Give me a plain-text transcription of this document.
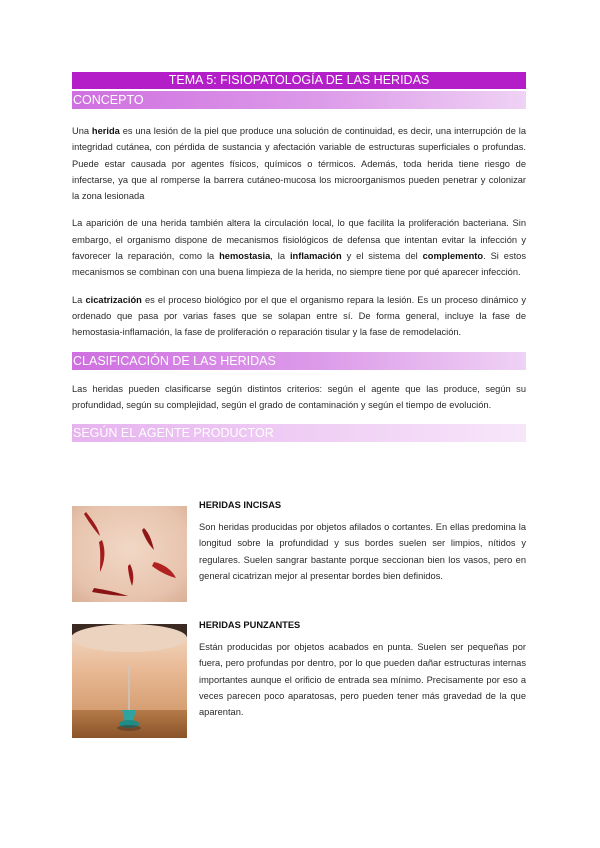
TEMA 5: FISIOPATOLOGÍA DE LAS HERIDAS
CONCEPTO

Una herida es una lesión de la piel que produce una solución de continuidad, es decir, una interrupción de la integridad cutánea, con pérdida de sustancia y afectación variable de estructuras superficiales o profundas. Puede estar causada por agentes físicos, químicos o térmicos. Además, toda herida tiene riesgo de infectarse, ya que al romperse la barrera cutáneo-mucosa los microorganismos pueden penetrar y colonizar la zona lesionada

La aparición de una herida también altera la circulación local, lo que facilita la proliferación bacteriana. Sin embargo, el organismo dispone de mecanismos fisiológicos de defensa que intentan evitar la infección y favorecer la reparación, como la hemostasia, la inflamación y el sistema del complemento. Si estos mecanismos se combinan con una buena limpieza de la herida, no siempre tiene por qué aparecer infección.

La cicatrización es el proceso biológico por el que el organismo repara la lesión. Es un proceso dinámico y ordenado que pasa por varias fases que se solapan entre sí. De forma general, incluye la fase de hemostasia-inflamación, la fase de proliferación o reparación tisular y la fase de remodelación.

CLASIFICACIÓN DE LAS HERIDAS

Las heridas pueden clasificarse según distintos criterios: según el agente que las produce, según su profundidad, según su complejidad, según el grado de contaminación y según el tiempo de evolución.

SEGÚN EL AGENTE PRODUCTOR
HERIDAS INCISAS

Son heridas producidas por objetos afilados o cortantes. En ellas predomina la longitud sobre la profundidad y sus bordes suelen ser limpios, nítidos y regulares. Suelen sangrar bastante porque seccionan bien los vasos, pero en general cicatrizan mejor al presentar bordes bien definidos.

HERIDAS PUNZANTES

Están producidas por objetos acabados en punta. Suelen ser pequeñas por fuera, pero profundas por dentro, por lo que pueden dañar estructuras internas importantes aunque el orificio de entrada sea mínimo. Precisamente por eso a veces parecen poco aparatosas, pero pueden tener más gravedad de la que aparentan.
